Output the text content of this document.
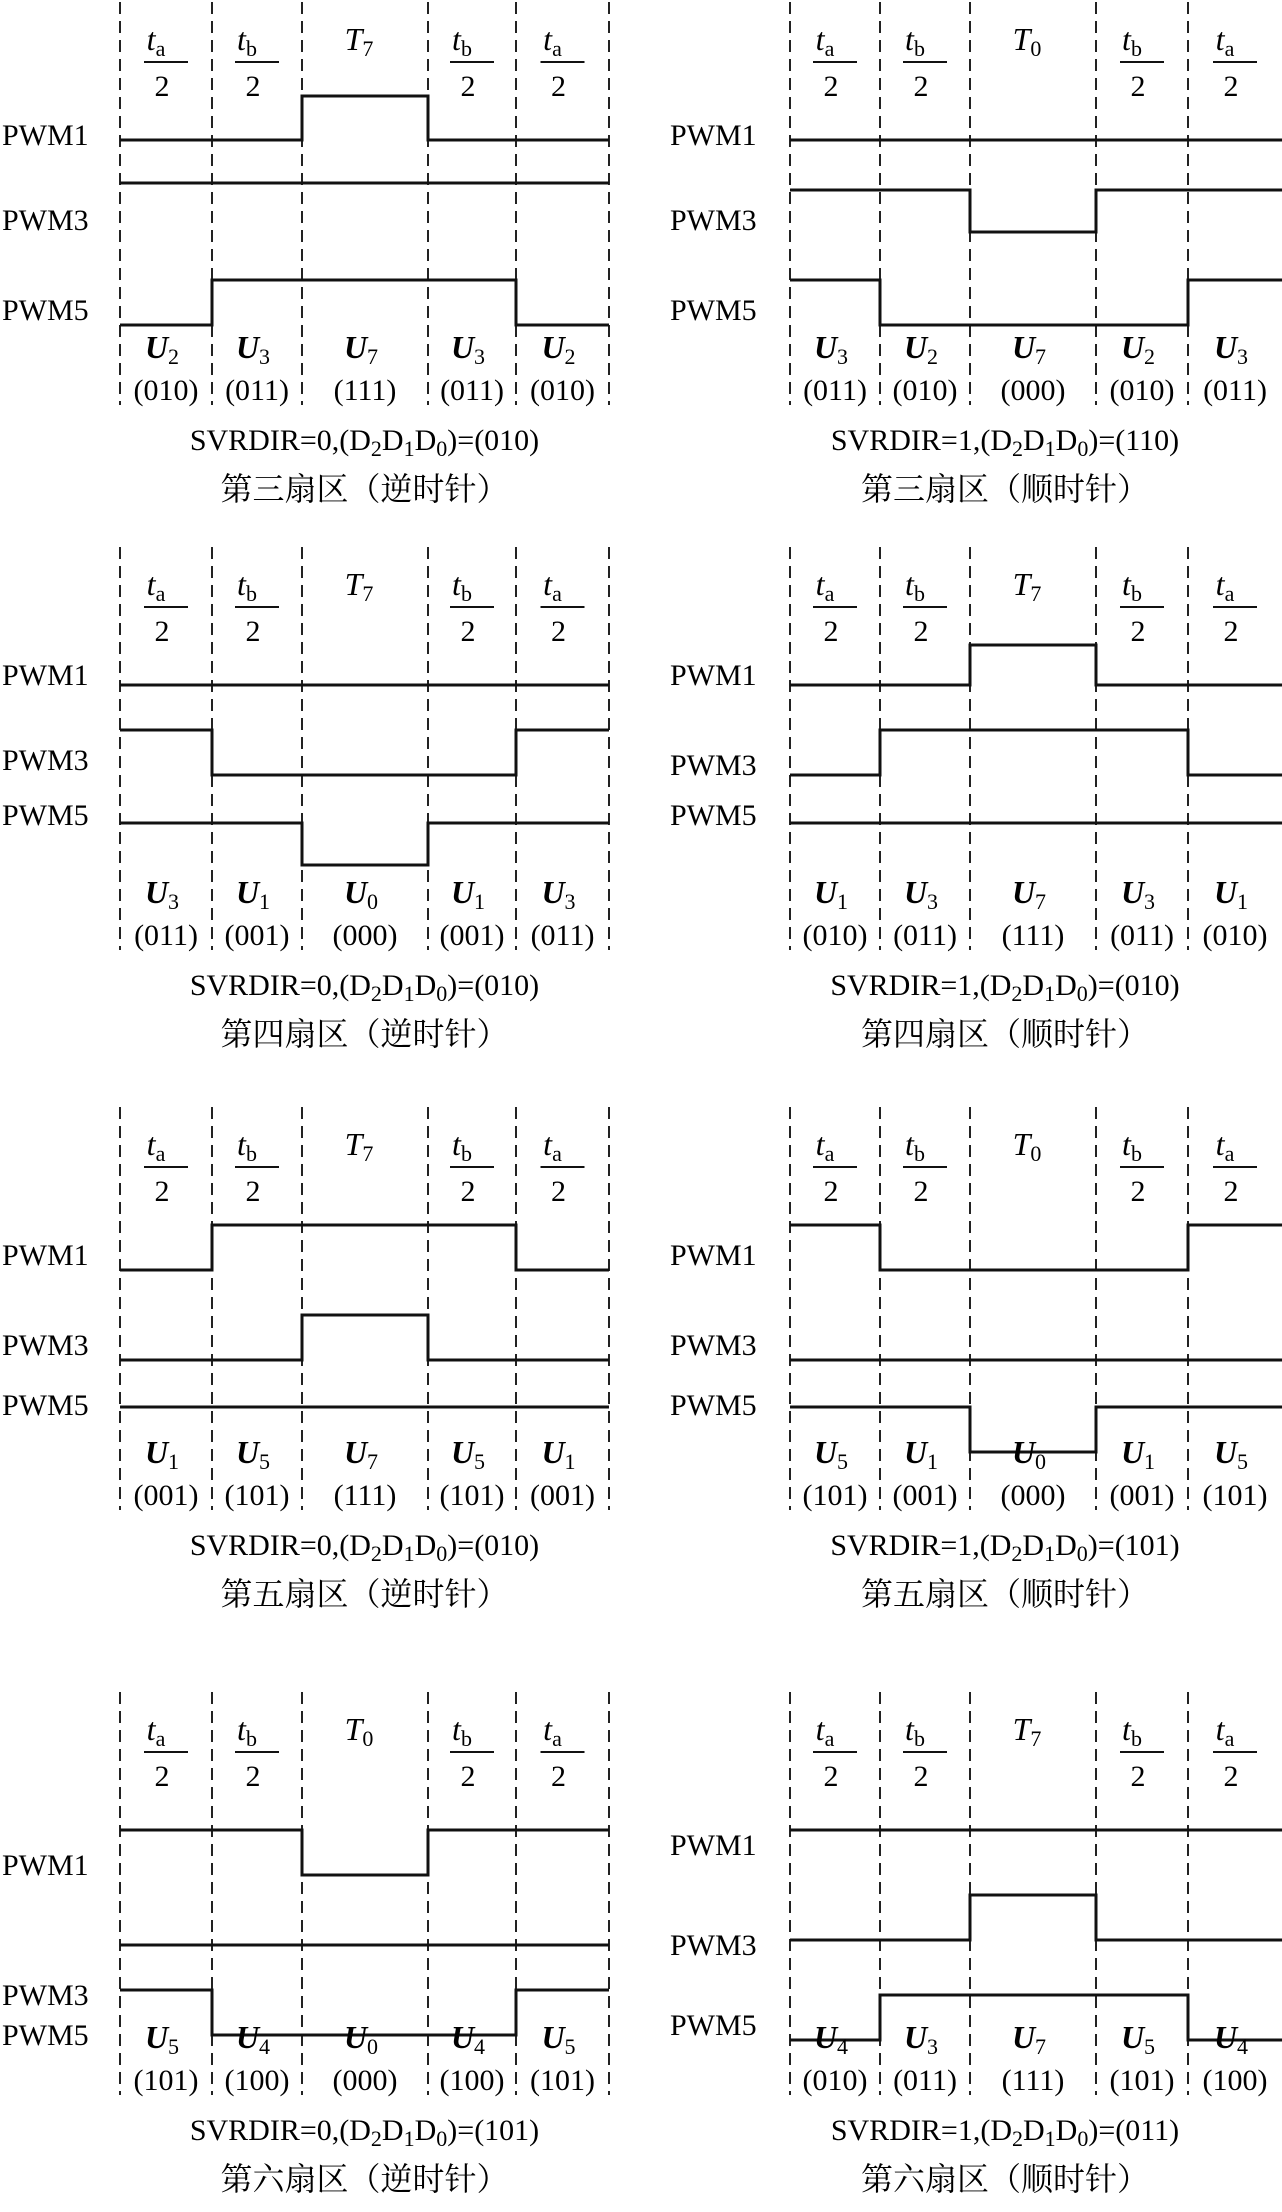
ta
2
tb
2
T7 tb
2
ta
2
PWM1
PWM3
PWM5
U2
(010)
U3
(011)
U7
(111)
U3
(011)
U2
(010)
$SVRDIR=0,(D_2D_1D_0)=(010)$
第三扇区（逆时针）
ta
2
tb
2
T0	tb
2
ta
2
PWM1
PWM3
PWM5
U3
(011)
U2
(010)
U7
(000)
U2
(010)
U3
(011)
$SVRDIR=1,(D_2D_1D_0)=(110)$
第三扇区（顺时针）
ta
2
tb
2
T7 tb
2
ta
2
PWM1
PWM3
PWM5
U3
(011)
U1
(001)
U0
(000)
U1
(001)
U3
(011)
$SVRDIR=0,(D_2D_1D_0)=(010)$
第四扇区（逆时针）
ta
2
tb
2
T7	tb
2
ta
2
PWM1
PWM3
PWM5
U1
(010)
U3
(011)
U7
(111)
U3
(011)
U1
(010)
$SVRDIR=1,(D_2D_1D_0)=(010)$
第四扇区（顺时针）
ta
2
tb
2
T7 tb
2
ta
2
PWM1
PWM3
PWM5
U1
(001)
U5
(101)
U7
(111)
U5
(101)
U1
(001)
$SVRDIR=0,(D_2D_1D_0)=(010)$
第五扇区（逆时针）
ta
2
tb
2
T0	tb
2
ta
2
PWM1
PWM3
PWM5
U5
(101)
U1
(001)
U0
(000)
U1
(001)
U5
(101)
$SVRDIR=1,(D_2D_1D_0)=(101)$
第五扇区（顺时针）
ta
2
tb
2
T0 tb
2
ta
2
PWM1
PWM3
PWM5 U5
(101)
U4
(100)
U0
(000)
U4
(100)
U5
(101)
$SVRDIR=0,(D_2D_1D_0)=(101)$
第六扇区（逆时针）
ta
2
tb
2
T7	tb
2
ta
2
PWM1
PWM3
PWM5 U4
(010)
U3
(011)
U7
(111)
U5
(101)
U4
(100)
$SVRDIR=1,(D_2D_1D_0)=(011)$
第六扇区（顺时针）
